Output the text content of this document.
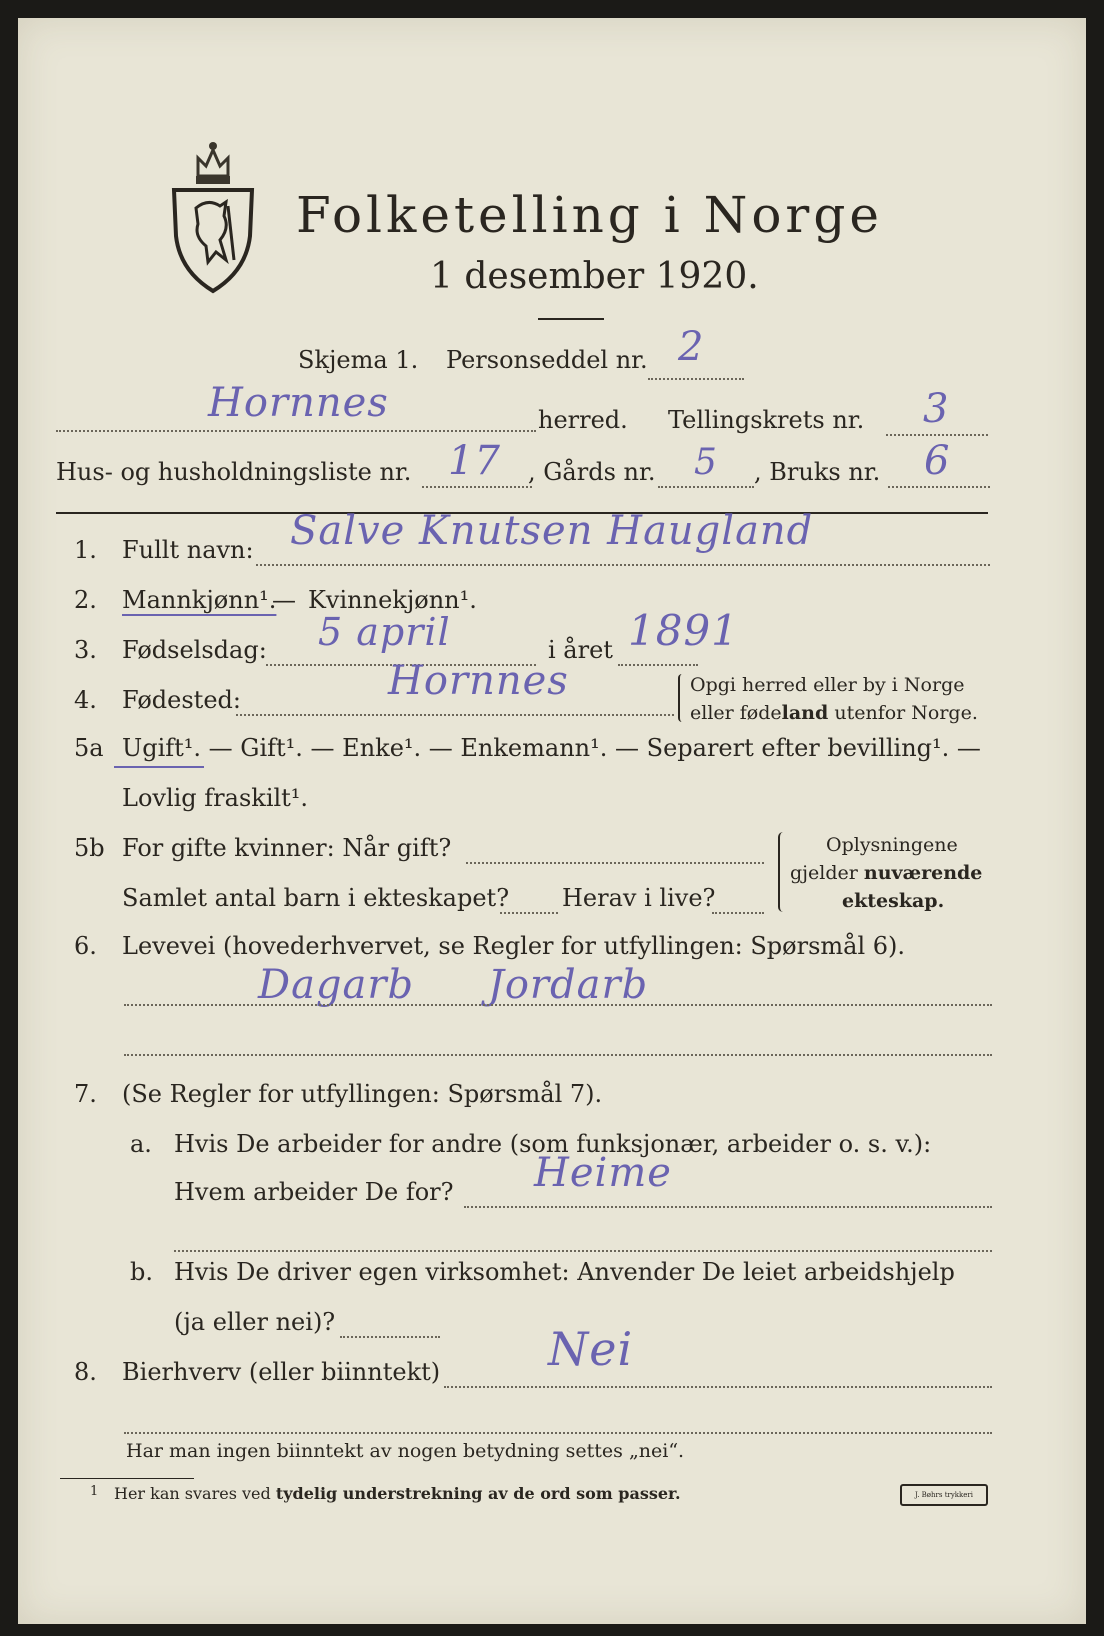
Folketelling i Norge
1 desember 1920.
Skjema 1. Personseddel nr. 2
Hornnes	herred. Tellingskrets nr. 3
Hus- og husholdningsliste nr. 17 , Gårds nr. 5 , Bruks nr. 6
1. Fullt navn: Salve Knutsen Haugland
2. Mannkjønn¹.
— Kvinnekjønn¹.
3. Fødselsdag: 5 april	i året 1891
4. Fødested:	Hornnes	Opgi herred eller by i Norge
eller fødeland utenfor Norge.
5a Ugift¹. — Gift¹. — Enke¹. — Enkemann¹. — Separert efter bevilling¹. —
Lovlig fraskilt¹.
5b For gifte kvinner: Når gift?
Samlet antal barn i ekteskapet? Herav i live?
Oplysningene
gjelder nuværende
ekteskap.
6. Levevei (hovederhvervet, se Regler for utfyllingen: Spørsmål 6).
Dagarb Jordarb
7. (Se Regler for utfyllingen: Spørsmål 7).
a. Hvis De arbeider for andre (som funksjonær, arbeider o. s. v.):
Hvem arbeider De for? Heime
b. Hvis De driver egen virksomhet: Anvender De leiet arbeidshjelp
(ja eller nei)?
8. Bierhverv (eller biinntekt) Nei
Har man ingen biinntekt av nogen betydning settes „nei“.
1 Her kan svares ved tydelig understrekning av de ord som passer.	J. Bøhrs trykkeri
